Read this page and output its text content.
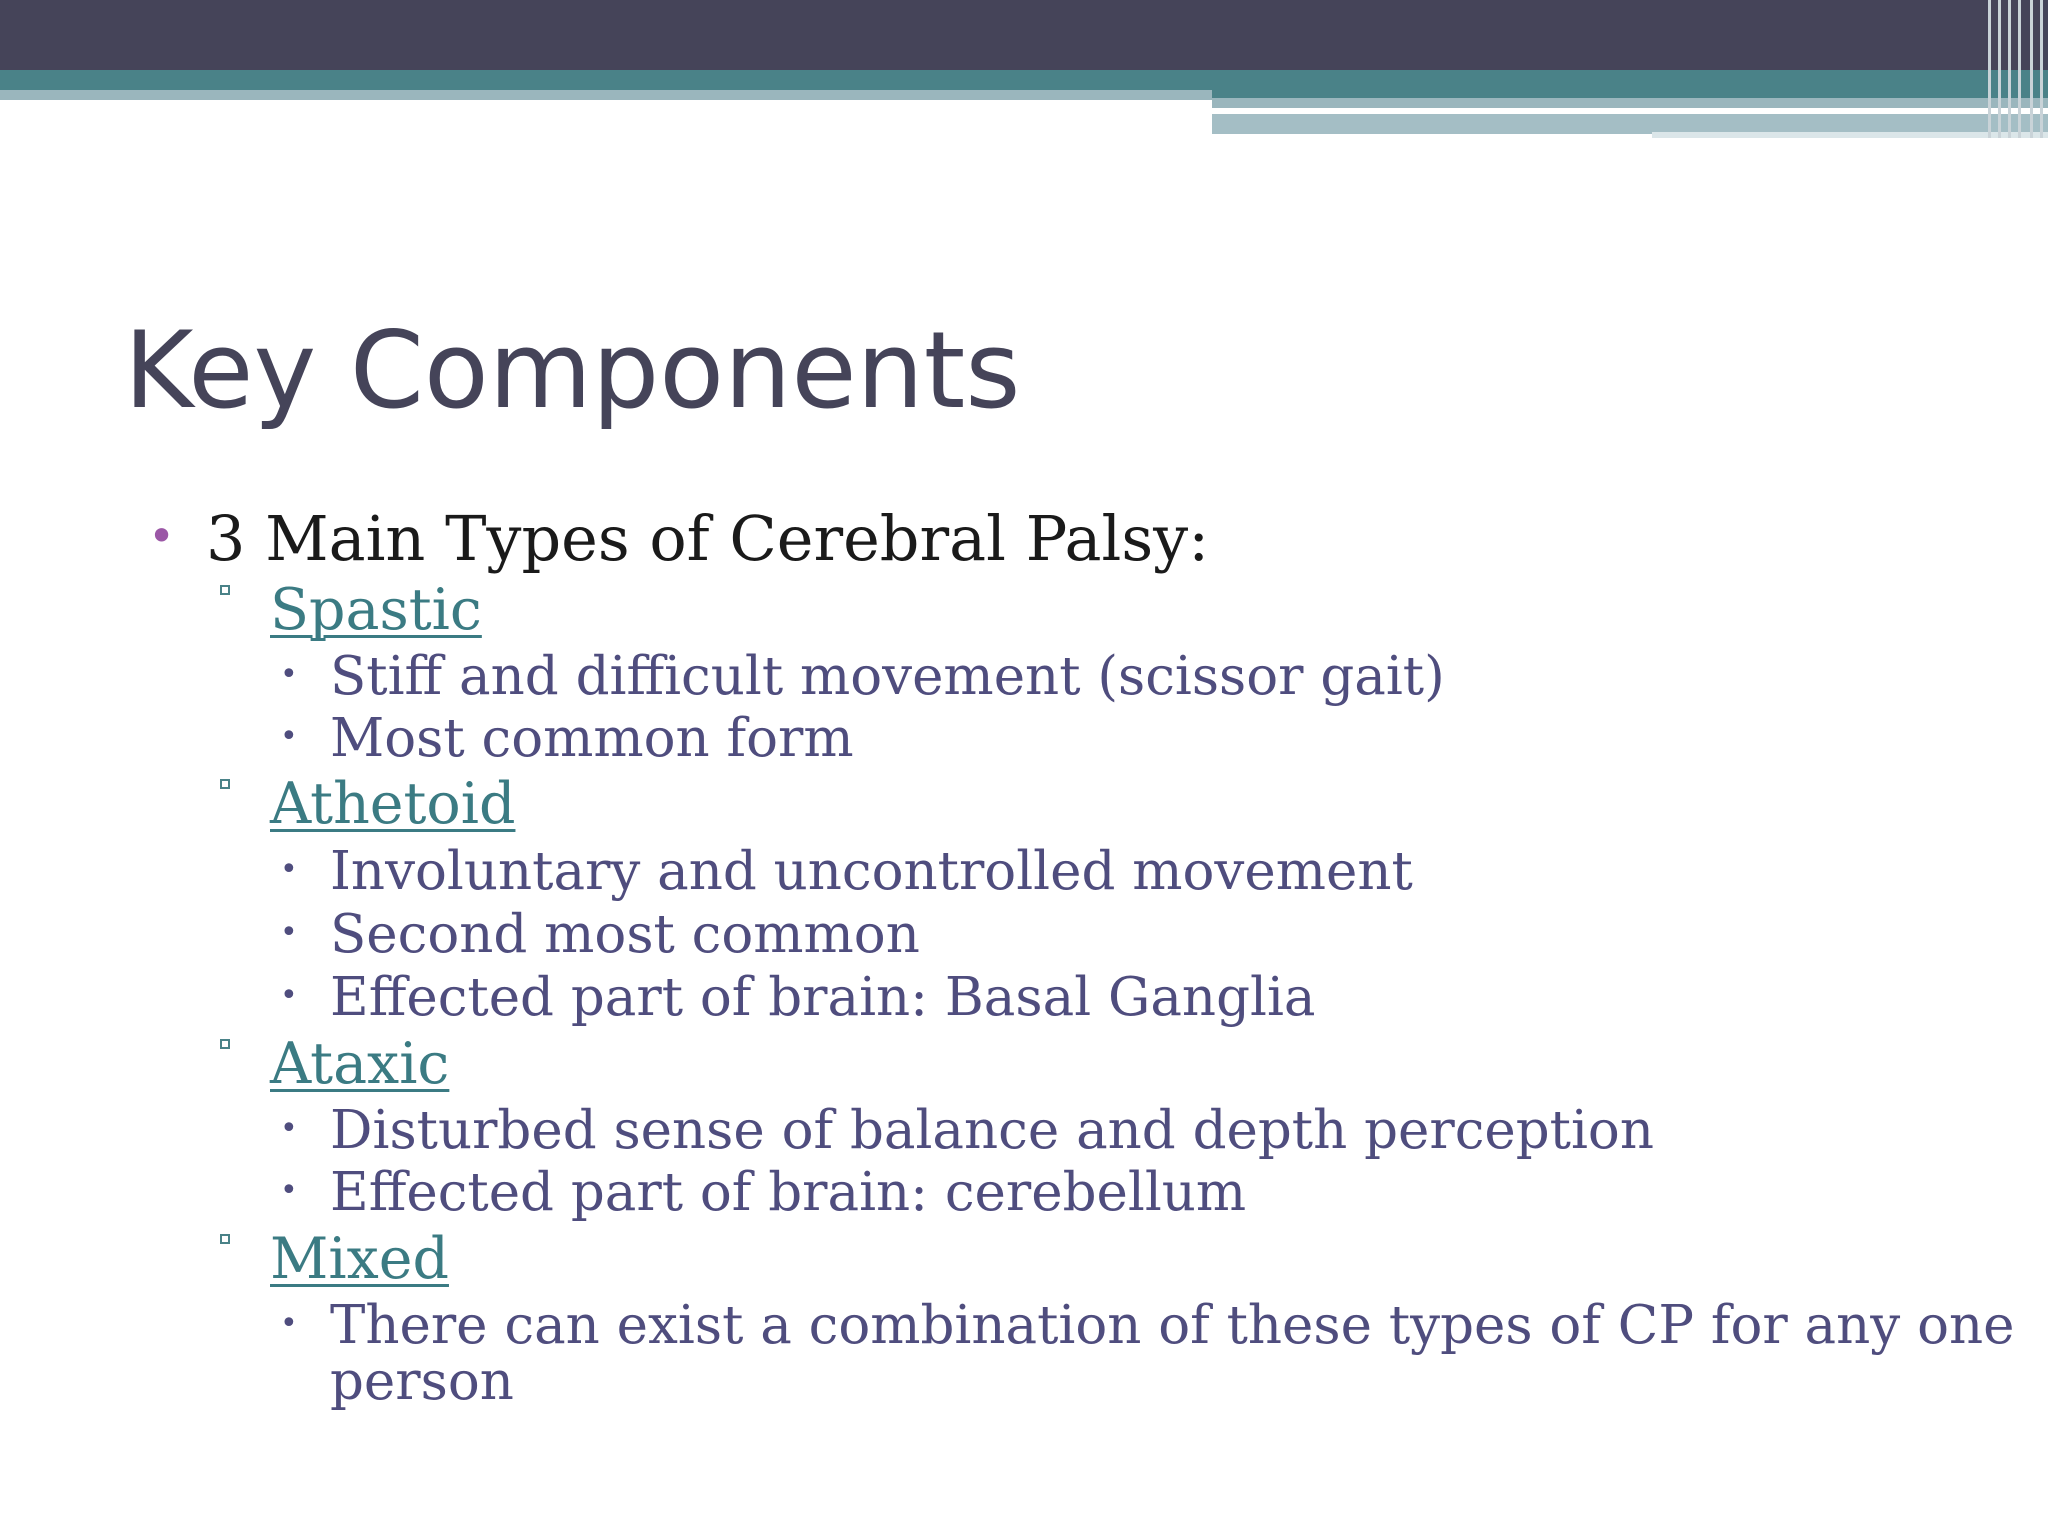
Key Components
• 3 Main Types of Cerebral Palsy:
Spastic
• Stiff and difficult movement (scissor gait)
• Most common form
Athetoid
• Involuntary and uncontrolled movement
• Second most common
• Effected part of brain: Basal Ganglia
Ataxic
• Disturbed sense of balance and depth perception
• Effected part of brain: cerebellum
Mixed
• There can exist a combination of these types of CP for any one
person
